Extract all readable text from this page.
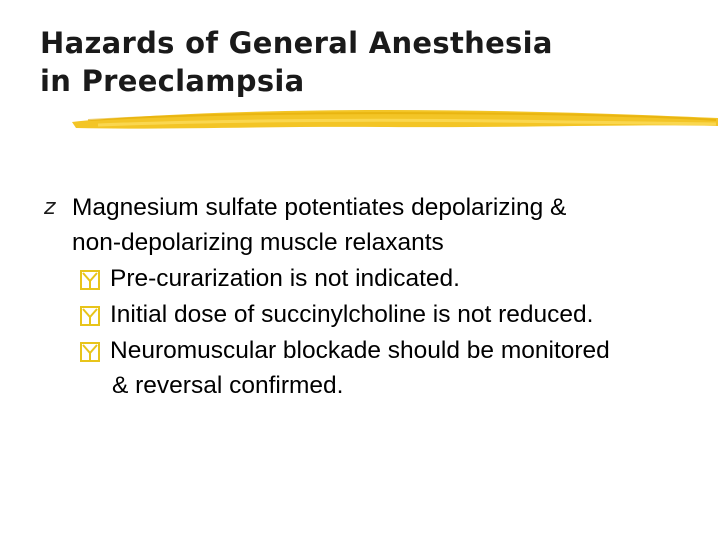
Hazards of General Anesthesia
in Preeclampsia
z Magnesium sulfate potentiates depolarizing &
non-depolarizing muscle relaxants
Pre-curarization is not indicated.
Initial dose of succinylcholine is not reduced.
Neuromuscular blockade should be monitored
& reversal confirmed.
